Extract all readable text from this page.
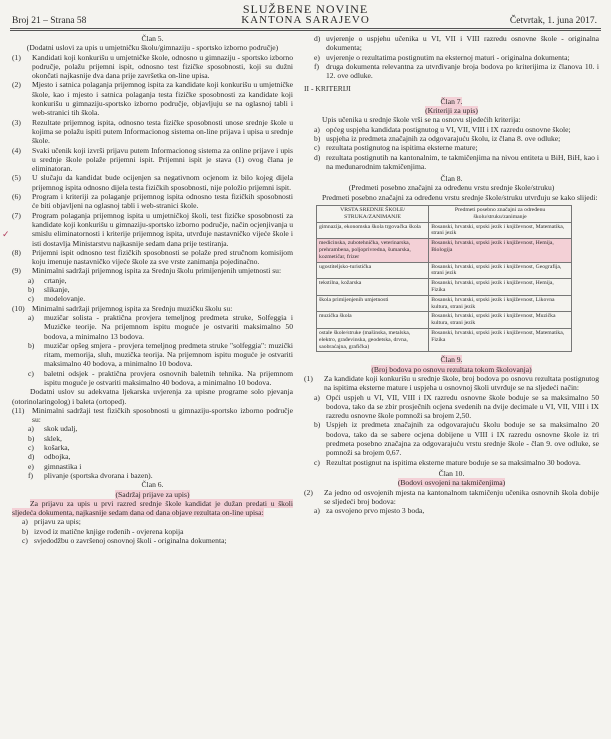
SLUŽBENE NOVINE
KANTONA SARAJEVO
Broj 21 – Strana 58	Četvrtak, 1. juna 2017.
✓

Član 5.

(Dodatni uslovi za upis u umjetničku školu/gimnaziju - sportsko izborno područje)

(1) Kandidati koji konkurišu u umjetničke škole, odnosno u gimnaziju - sportsko izborno područje, polažu prijemni ispit, odnosno test fizičke sposobnosti, koji su dužni okončati najkasnije dva dana prije završetka on-line upisa.
(2) Mjesto i satnica polaganja prijemnog ispita za kandidate koji konkurišu u umjetničke škole, kao i mjesto i satnica polaganja testa fizičke sposobnosti za kandidate koji konkurišu u gimnaziju-sportsko izborno područje, objavljuju se na oglasnoj tabli i web-stranici tih škola.
(3) Rezultate prijemnog ispita, odnosno testa fizičke sposobnosti unose srednje škole u kojima se polažu ispiti putem Informacionog sistema on-line prijava i upisa u srednje škole.
(4) Svaki učenik koji izvrši prijavu putem Informacionog sistema za online prijave i upis u srednje škole polaže prijemni ispit. Prijemni ispit je stava (1) ovog člana je eliminatoran.
(5) U slučaju da kandidat bude ocijenjen sa negativnom ocjenom iz bilo kojeg dijela prijemnog ispita odnosno dijela testa fizičkih sposobnosti, nije položio prijemni ispit.
(6) Program i kriteriji za polaganje prijemnog ispita odnosno testa fizičkih sposobnosti će biti objavljeni na oglasnoj tabli i web-stranici škole.
(7) Program polaganja prijemnog ispita u umjetničkoj školi, test fizičke sposobnosti za kandidate koji konkurišu u gimnaziju-sportsko izborno područje, način ocjenjivanja u smislu eliminatornosti i kriterije prijemnog ispita, utvrđuje nastavničko vijeće škole i isti dostavlja Ministarstvu najkasnije sedam dana prije testiranja.
(8) Prijemni ispit odnosno test fizičkih sposobnosti se polaže pred stručnom komisijom koju imenuje nastavničko vijeće škole za sve vrste zanimanja pojedinačno.
(9) Minimalni sadržaji prijemnog ispita za Srednju školu primijenjenih umjetnosti su:
a) crtanje,
b) slikanje,
c) modelovanje.
(10) Minimalni sadržaji prijemnog ispita za Srednju muzičku školu su:
a) muzičar solista - praktična provjera temeljnog predmeta struke, Solfeggia i Muzičke teorije. Na prijemnom ispitu moguće je ostvariti maksimalno 50 bodova, a minimalno 13 bodova.
b) muzičar opšeg smjera - provjera temeljnog predmeta struke "solfeggia": muzički ritam, memorija, sluh, muzička teorija. Na prijemnom ispitu moguće je ostvariti maksimalno 40 bodova, a minimalno 10 bodova.
c) baletni odsjek - praktična provjera osnovnih baletnih tehnika. Na prijemnom ispitu moguće je ostvariti maksimalno 40 bodova, a minimalno 10 bodova.

Dodatni uslov su adekvatna ljekarska uvjerenja za upisne programe solo pjevanja (otorinolaringolog) i baleta (ortoped).

(11) Minimalni sadržaji test fizičkih sposobnosti u gimnaziju-sportsko izborno područje su:
a) skok udalj,
b) sklek,
c) košarka,
d) odbojka,
e) gimnastika i
f) plivanje (sportska dvorana i bazen).

Član 6.

(Sadržaj prijave za upis)

Za prijavu za upis u prvi razred srednje škole kandidat je dužan predati u školi sljedeća dokumenta, najkasnije sedam dana od dana objave rezultata on-line upisa:

a) prijavu za upis;
b) izvod iz matične knjige rođenih - ovjerena kopija
c) svjedodžbu o završenoj osnovnoj školi - originalna dokumenta;
d) uvjerenje o uspjehu učenika u VI, VII i VIII razredu osnovne škole - originalna dokumenta;
e) uvjerenje o rezultatima postignutim na eksternoj maturi - originalna dokumenta;
f) druga dokumenta relevantna za utvrđivanje broja bodova po kriterijima iz članova 10. i 12. ove odluke.

II - KRITERIJI

Član 7.

(Kriteriji za upis)

Upis učenika u srednje škole vrši se na osnovu sljedećih kriterija:

a) općeg uspjeha kandidata postignutog u VI, VII, VIII i IX razredu osnovne škole;
b) uspjeha iz predmeta značajnih za odgovarajuću školu, iz člana 8. ove odluke;
c) rezultata postignutog na ispitima eksterne mature;
d) rezultata postignutih na kantonalnim, te takmičenjima na nivou entiteta u BiH, BiH, kao i na međunarodnim takmičenjima.

Član 8.

(Predmeti posebno značajni za određenu vrstu srednje škole/struku)

Predmeti posebno značajni za određenu vrstu srednje škole/struku utvrđuju se kako slijedi:

VRSTA SREDNJE ŠKOLE/ STRUKA/ZANIMANJE	Predmeti posebno značajni za određenu školu/struku/zanimanje
gimnazija, ekonomska škola trgovačka škola	Bosanski, hrvatski, srpski jezik i književnost, Matematika, strani jezik
medicinska, zubotehnička, veterinarska, prehrambena, poljoprivredna, šumarska, kozmetičar, frizer	Bosanski, hrvatski, srpski jezik i književnost, Hemija, Biologija
ugostiteljsko-turistička	Bosanski, hrvatski, srpski jezik i književnost, Geografija, strani jezik
tekstilna, kožarska	Bosanski, hrvatski, srpski jezik i književnost, Hemija, Fizika
škola primijenjenih umjetnosti	Bosanski, hrvatski, srpski jezik i književnost, Likovna kultura, strani jezik
muzička škola	Bosanski, hrvatski, srpski jezik i književnost, Muzička kultura, strani jezik
ostale škole/struke (mašinska, metalska, elektro, građevinska, geodetska, drvna, saobraćajna, grafička)	Bosanski, hrvatski, srpski jezik i književnost, Matematika, Fizika

Član 9.

(Broj bodova po osnovu rezultata tokom školovanja)

(1) Za kandidate koji konkurišu u srednje škole, broj bodova po osnovu rezultata postignutog na ispitima eksterne mature i uspjeha u osnovnoj školi utvrđuje se na sljedeći način:
a) Opći uspjeh u VI, VII, VIII i IX razredu osnovne škole boduje se sa maksimalno 50 bodova, tako da se zbir prosječnih ocjena svedenih na dvije decimale u VI, VII, VIII i IX razredu osnovne škole pomnoži sa brojem 2,50.
b) Uspjeh iz predmeta značajnih za odgovarajuću školu boduje se sa maksimalno 20 bodova, tako da se sabere ocjena dobijene u VIII i IX razredu osnovne škole iz tri predmeta posebno značajna za odgovarajuću vrstu srednje škole - član 9. ove odluke, se pomnoži sa brojem 0,67.
c) Rezultat postignut na ispitima eksterne mature boduje se sa maksimalno 30 bodova.

Član 10.

(Bodovi osvojeni na takmičenjima)

(2) Za jedno od osvojenih mjesta na kantonalnom takmičenju učenika osnovnih škola dobije se sljedeći broj bodova:
a) za osvojeno prvo mjesto 3 boda,
